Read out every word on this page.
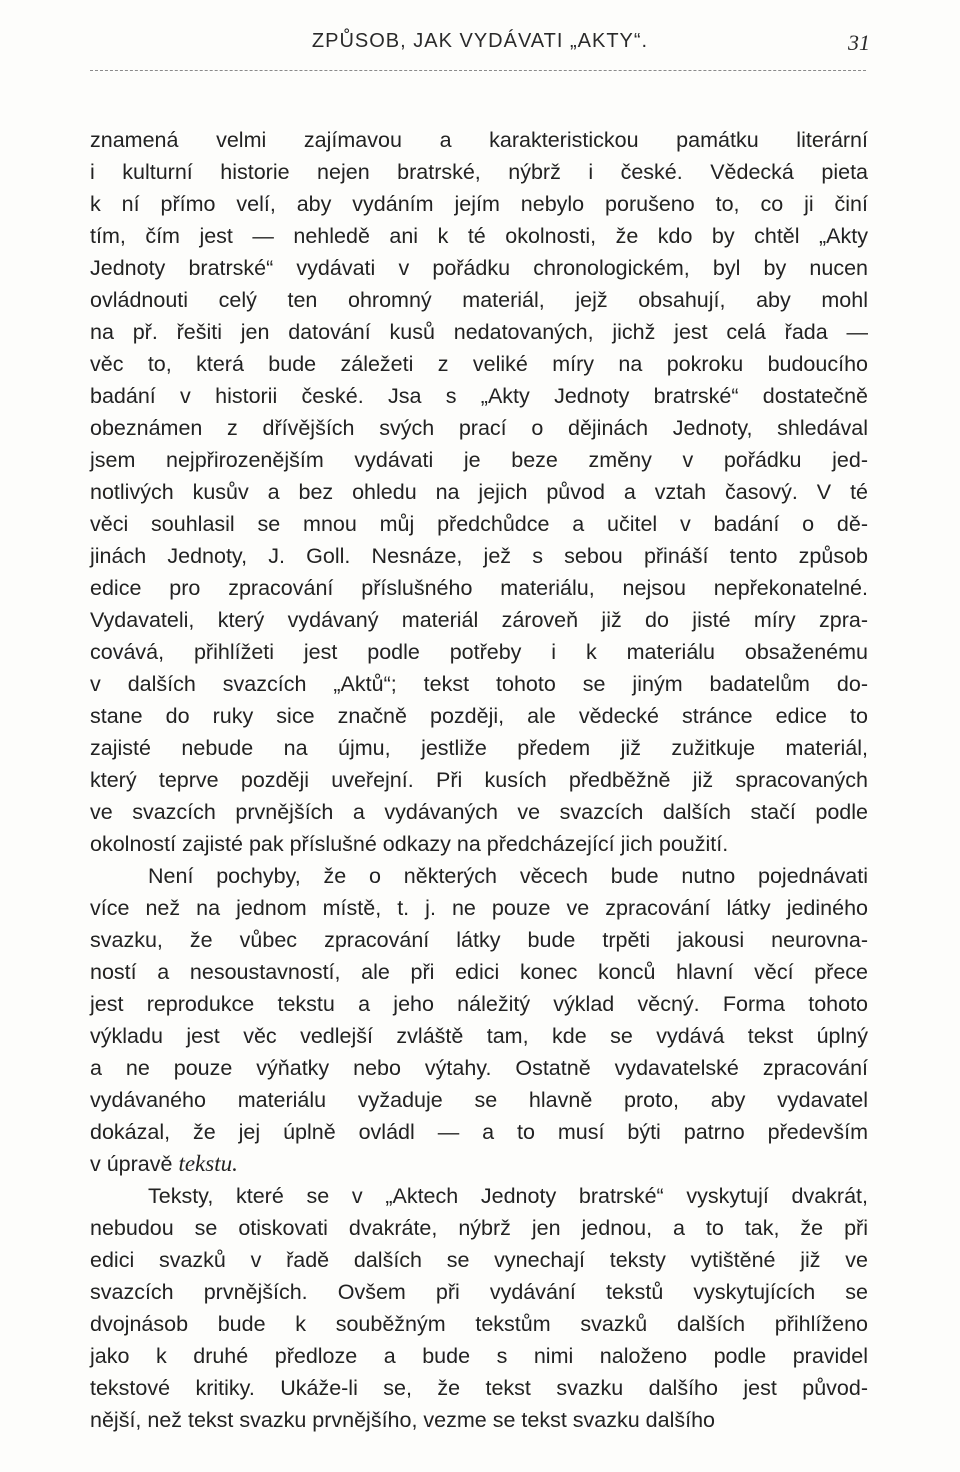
ZPŮSOB, JAK VYDÁVATI „AKTY“.	31
znamená velmi zajímavou a karakteristickou památku literární
i kulturní historie nejen bratrské, nýbrž i české. Vědecká pieta
k ní přímo velí, aby vydáním jejím nebylo porušeno to, co ji činí
tím, čím jest — nehledě ani k té okolnosti, že kdo by chtěl „Akty
Jednoty bratrské“ vydávati v pořádku chronologickém, byl by nucen
ovládnouti celý ten ohromný materiál, jejž obsahují, aby mohl
na př. řešiti jen datování kusů nedatovaných, jichž jest celá řada —
věc to, která bude záležeti z veliké míry na pokroku budoucího
badání v historii české. Jsa s „Akty Jednoty bratrské“ dostatečně
obeznámen z dřívějších svých prací o dějinách Jednoty, shledával
jsem nejpřirozenějším vydávati je beze změny v pořádku jed-
notlivých kusův a bez ohledu na jejich původ a vztah časový. V té
věci souhlasil se mnou můj předchůdce a učitel v badání o dě-
jinách Jednoty, J. Goll. Nesnáze, jež s sebou přináší tento způsob
edice pro zpracování příslušného materiálu, nejsou nepřekonatelné.
Vydavateli, který vydávaný materiál zároveň již do jisté míry zpra-
covává, přihlížeti jest podle potřeby i k materiálu obsaženému
v dalších svazcích „Aktů“; tekst tohoto se jiným badatelům do-
stane do ruky sice značně později, ale vědecké stránce edice to
zajisté nebude na újmu, jestliže předem již zužitkuje materiál,
který teprve později uveřejní. Při kusích předběžně již spracovaných
ve svazcích prvnějších a vydávaných ve svazcích dalších stačí podle
okolností zajisté pak příslušné odkazy na předcházející jich použití.
Není pochyby, že o některých věcech bude nutno pojednávati
více než na jednom místě, t. j. ne pouze ve zpracování látky jediného
svazku, že vůbec zpracování látky bude trpěti jakousi neurovna-
ností a nesoustavností, ale při edici konec konců hlavní věcí přece
jest reprodukce tekstu a jeho náležitý výklad věcný. Forma tohoto
výkladu jest věc vedlejší zvláště tam, kde se vydává tekst úplný
a ne pouze výňatky nebo výtahy. Ostatně vydavatelské zpracování
vydávaného materiálu vyžaduje se hlavně proto, aby vydavatel
dokázal, že jej úplně ovládl — a to musí býti patrno především
v úpravě tekstu.
Teksty, které se v „Aktech Jednoty bratrské“ vyskytují dvakrát,
nebudou se otiskovati dvakráte, nýbrž jen jednou, a to tak, že při
edici svazků v řadě dalších se vynechají teksty vytištěné již ve
svazcích prvnějších. Ovšem při vydávání tekstů vyskytujících se
dvojnásob bude k souběžným tekstům svazků dalších přihlíženo
jako k druhé předloze a bude s nimi naloženo podle pravidel
tekstové kritiky. Ukáže-li se, že tekst svazku dalšího jest původ-
nější, než tekst svazku prvnějšího, vezme se tekst svazku dalšího
